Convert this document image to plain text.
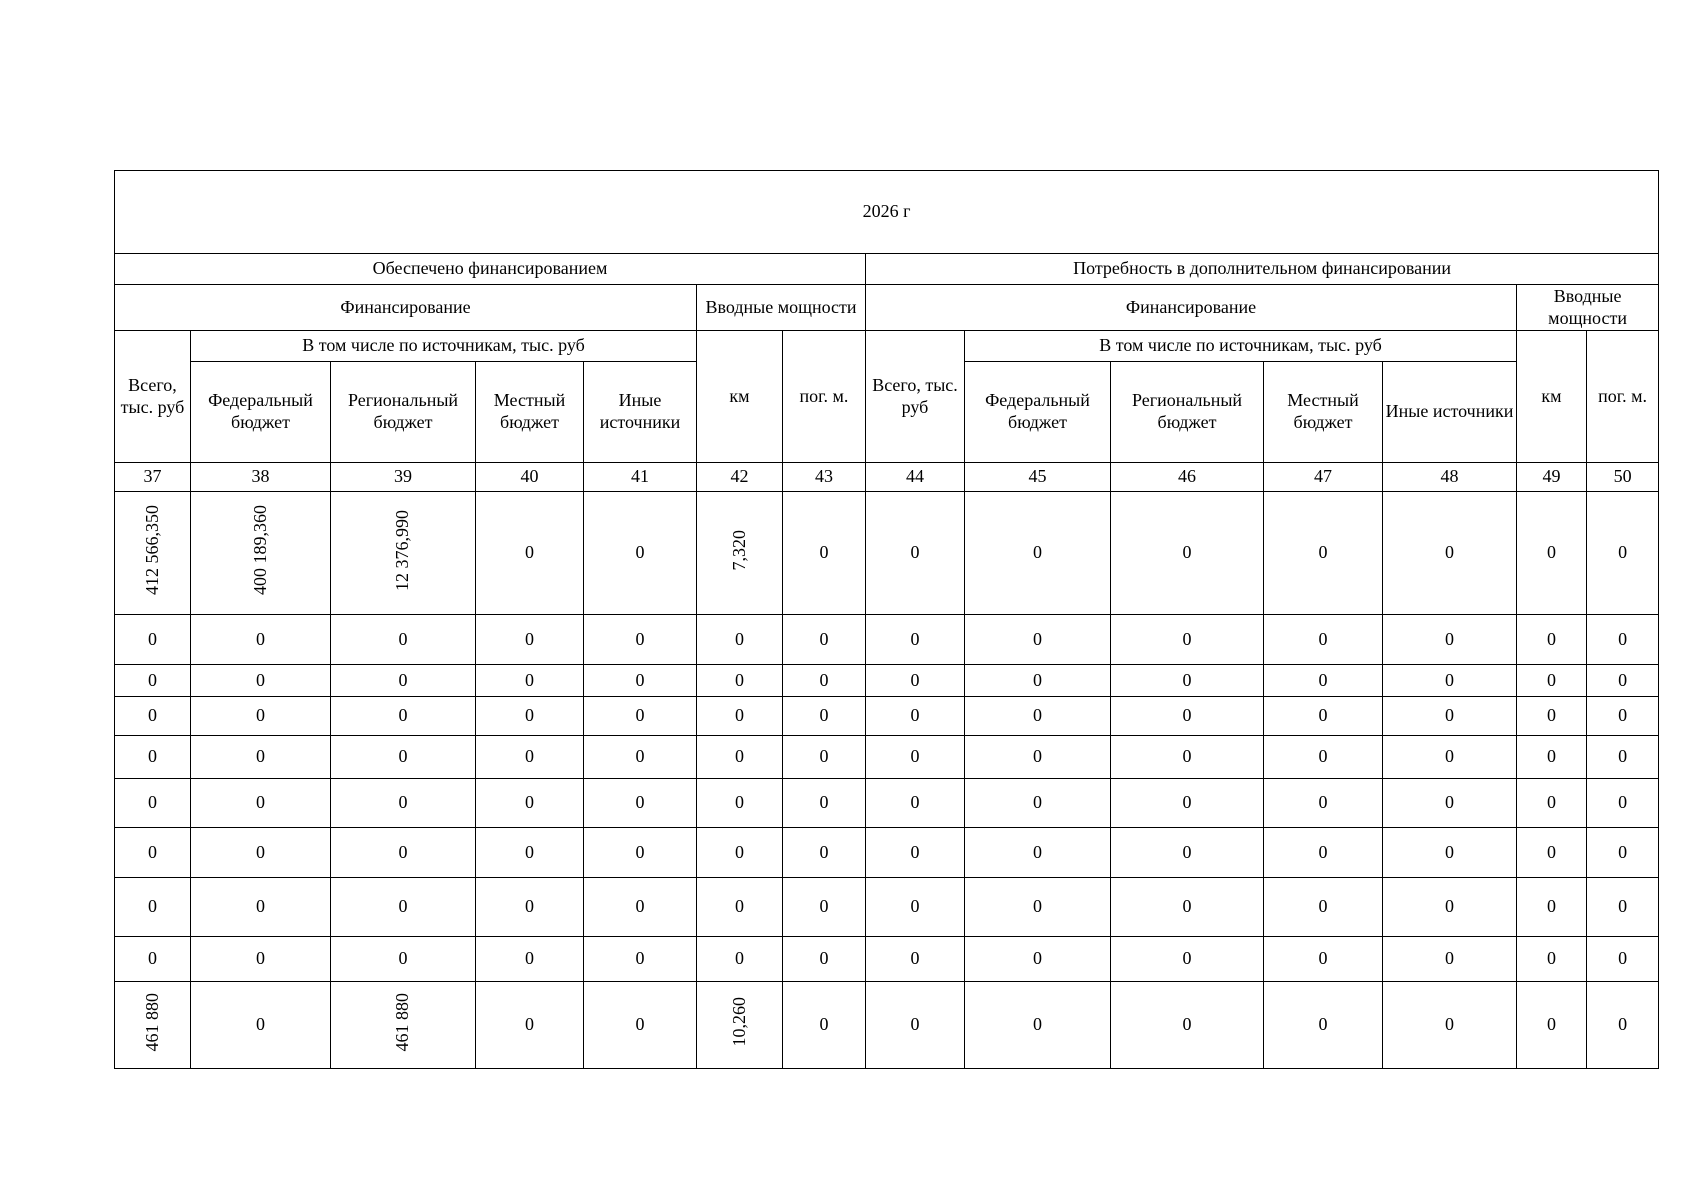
2026 г													
Обеспечено финансированием							Потребность в дополнительном финансировании						
Финансирование					Вводные мощности		Финансирование					Вводные мощности	
Всего, тыс. руб	В том числе по источникам, тыс. руб				км	пог. м.	Всего, тыс. руб	В том числе по источникам, тыс. руб				км	пог. м.
	Федеральный бюджет	Региональный бюджет	Местный бюджет	Иные источники				Федеральный бюджет	Региональный бюджет	Местный бюджет	Иные источники		
37	38	39	40	41	42	43	44	45	46	47	48	49	50
412 566,350	400 189,360	12 376,990	0	0	7,320	0	0	0	0	0	0	0	0
0	0	0	0	0	0	0	0	0	0	0	0	0	0
0	0	0	0	0	0	0	0	0	0	0	0	0	0
0	0	0	0	0	0	0	0	0	0	0	0	0	0
0	0	0	0	0	0	0	0	0	0	0	0	0	0
0	0	0	0	0	0	0	0	0	0	0	0	0	0
0	0	0	0	0	0	0	0	0	0	0	0	0	0
0	0	0	0	0	0	0	0	0	0	0	0	0	0
0	0	0	0	0	0	0	0	0	0	0	0	0	0
461 880	0	461 880	0	0	10,260	0	0	0	0	0	0	0	0
